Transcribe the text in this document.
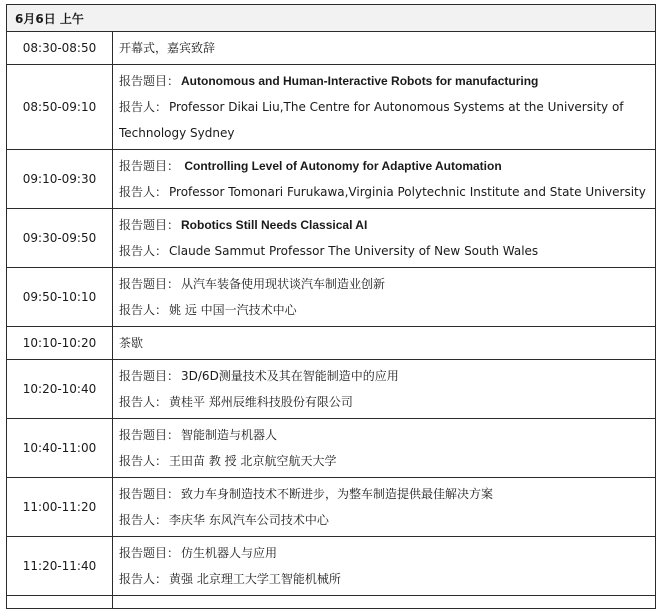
6月6日 上午	
08:30-08:50	开幕式，嘉宾致辞

08:50-09:10	报告题目： Autonomous and Human-Interactive Robots for manufacturing
报告人： Professor Dikai Liu,The Centre for Autonomous Systems at the University of Technology Sydney

09:10-09:30	报告题目： Controlling Level of Autonomy for Adaptive Automation
报告人： Professor Tomonari Furukawa,Virginia Polytechnic Institute and State University

09:30-09:50	报告题目： Robotics Still Needs Classical AI
报告人： Claude Sammut Professor The University of New South Wales

09:50-10:10	报告题目： 从汽车装备使用现状谈汽车制造业创新
报告人： 姚 远 中国一汽技术中心

10:10-10:20	茶歇

10:20-10:40	报告题目： 3D/6D测量技术及其在智能制造中的应用
报告人： 黄桂平 郑州辰维科技股份有限公司

10:40-11:00	报告题目： 智能制造与机器人
报告人： 王田苗 教 授 北京航空航天大学

11:00-11:20	报告题目： 致力车身制造技术不断进步，为整车制造提供最佳解决方案
报告人： 李庆华 东风汽车公司技术中心

11:20-11:40	报告题目： 仿生机器人与应用
报告人： 黄强 北京理工大学工智能机械所
